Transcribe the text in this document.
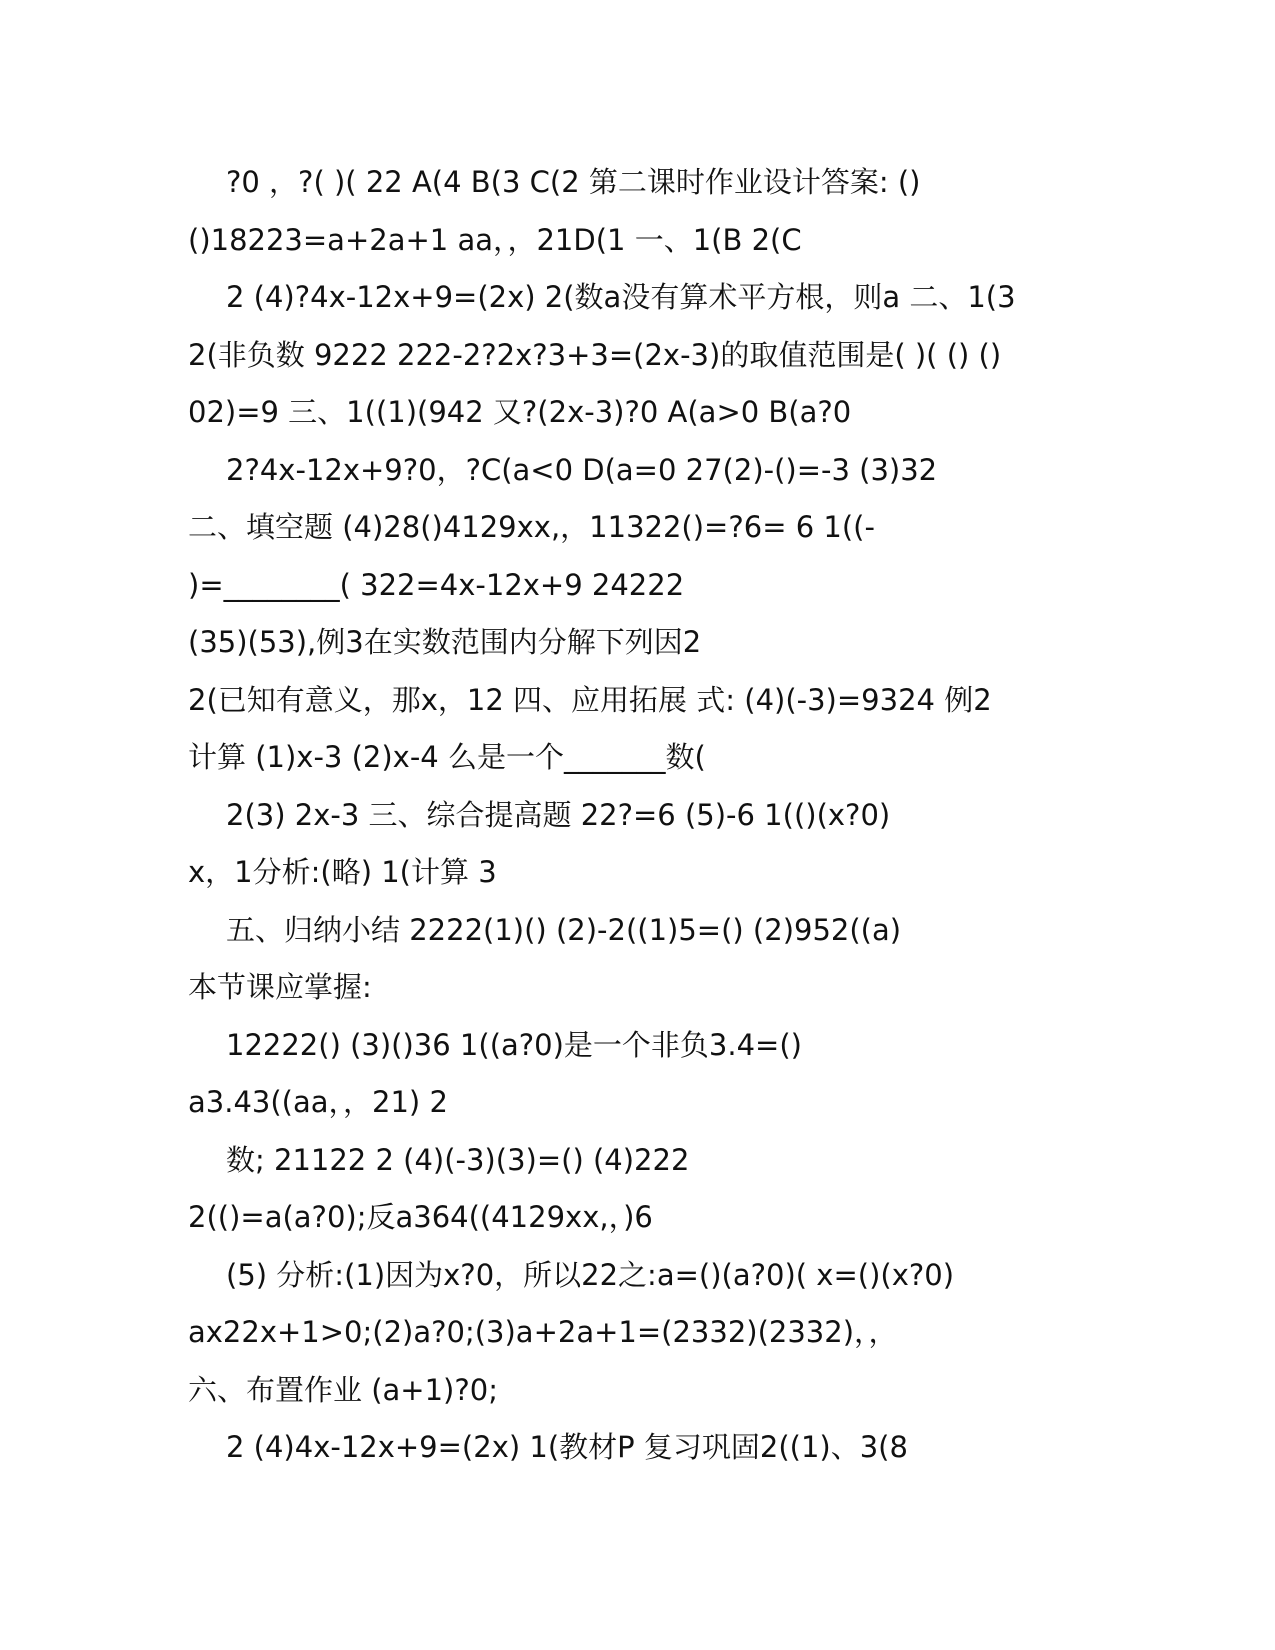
?0 ，?( )( 22 A(4 B(3 C(2 第二课时作业设计答案: ()
()18223=a+2a+1 aa，，21D(1 一、1(B 2(C
2 (4)?4x-12x+9=(2x) 2(数a没有算术平方根，则a 二、1(3
2(非负数 9222 222-2?2x?3+3=(2x-3)的取值范围是( )( () ()
02)=9 三、1((1)(942 又?(2x-3)?0 A(a>0 B(a?0
2?4x-12x+9?0，?C(a<0 D(a=0 27(2)-()=-3 (3)32
二、填空题 (4)28()4129xx,，11322()=?6= 6 1((-
)=________( 322=4x-12x+9 24222
(35)(53),例3在实数范围内分解下列因2
2(已知有意义，那x，12 四、应用拓展 式: (4)(-3)=9324 例2
计算 (1)x-3 (2)x-4 么是一个_______数(
2(3) 2x-3 三、综合提高题 22?=6 (5)-6 1(()(x?0)
x，1分析:(略) 1(计算 3
五、归纳小结 2222(1)() (2)-2((1)5=() (2)952((a)
本节课应掌握:
12222() (3)()36 1((a?0)是一个非负3.4=()
a3.43((aa，，21) 2
数; 21122 2 (4)(-3)(3)=() (4)222
2(()=a(a?0);反a364((4129xx,，)6
(5) 分析:(1)因为x?0，所以22之:a=()(a?0)( x=()(x?0)
ax22x+1>0;(2)a?0;(3)a+2a+1=(2332)(2332)，，
六、布置作业 (a+1)?0;
2 (4)4x-12x+9=(2x) 1(教材P 复习巩固2((1)、3(8
